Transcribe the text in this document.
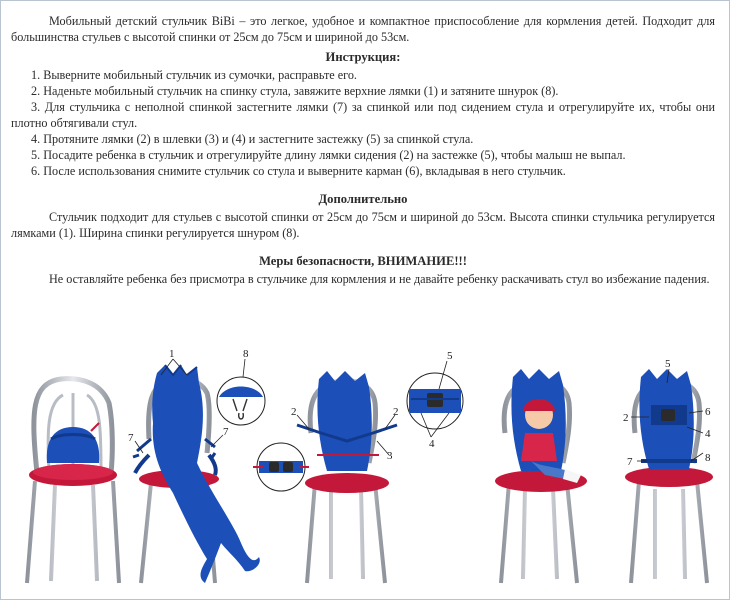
Мобильный детский стульчик BiBi – это легкое, удобное и компактное приспособление для кормления детей. Подходит для большинства стульев с высотой спинки от 25см до 75см и шириной до 53см.

Инструкция:
1. Выверните мобильный стульчик из сумочки, расправьте его.
2. Наденьте мобильный стульчик на спинку стула, завяжите верхние лямки (1) и затяните шнурок (8).
3. Для стульчика с неполной спинкой застегните лямки (7) за спинкой или под сидением стула и отрегулируйте их, чтобы они плотно обтягивали стул.
4. Протяните лямки (2) в шлевки (3) и (4) и застегните застежку (5) за спинкой стула.
5. Посадите ребенка в стульчик и отрегулируйте длину лямки сидения (2) на застежке (5), чтобы малыш не выпал.
6. После использования снимите стульчик со стула и выверните карман (6), вкладывая в него стульчик.
Дополнительно

Стульчик подходит для стульев с высотой спинки от 25см до 75см и шириной до 53см. Высота спинки стульчика регулируется лямками (1). Ширина спинки регулируется шнуром (8).

Меры безопасности, ВНИМАНИЕ!!!

Не оставляйте ребенка без присмотра в стульчике для кормления и не давайте ребенку раскачивать стул во избежание падения.

1
7	7
8
2	2
3
5
4
5
2	6
4
7	8
